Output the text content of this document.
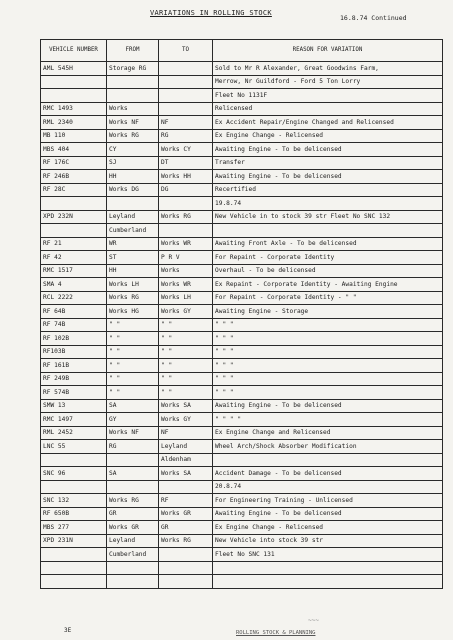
VARIATIONS IN ROLLING STOCK
16.8.74 Continued
VEHICLE NUMBER	FROM	TO	REASON FOR VARIATION
AML 545H	Storage RG		Sold to Mr R Alexander, Great Goodwins Farm,
			Merrow, Nr Guildford - Ford 5 Ton Lorry
			Fleet No 1131F
RMC 1493	Works		Relicensed
RML 2340	Works NF	NF	Ex Accident Repair/Engine Changed and Relicensed
MB 110	Works RG	RG	Ex Engine Change - Relicensed
MBS 404	CY	Works CY	Awaiting Engine - To be delicensed
RF 176C	SJ	DT	Transfer
RF 246B	HH	Works HH	Awaiting Engine - To be delicensed
RF 28C	Works DG	DG	Recertified
			19.8.74
XPD 232N	Leyland	Works RG	New Vehicle in to stock 39 str Fleet No SNC 132
	Cumberland		
RF 21	WR	Works WR	Awaiting Front Axle - To be delicensed
RF 42	ST	P R V	For Repaint - Corporate Identity
RMC 1517	HH	Works	Overhaul - To be delicensed
SMA 4	Works LH	Works WR	Ex Repaint - Corporate Identity - Awaiting Engine
RCL 2222	Works RG	Works LH	For Repaint - Corporate Identity - " "
RF 64B	Works HG	Works GY	Awaiting Engine - Storage
RF 74B	" "	" "	" " "
RF 102B	" "	" "	" " "
RF103B	" "	" "	" " "
RF 161B	" "	" "	" " "
RF 249B	" "	" "	" " "
RF 574B	" "	" "	" " "
SMW 13	SA	Works SA	Awaiting Engine - To be delicensed
RMC 1497	GY	Works GY	" " " "
RML 2452	Works NF	NF	Ex Engine Change and Relicensed
LNC 55	RG	Leyland	Wheel Arch/Shock Absorber Modification
		Aldenham	
SNC 96	SA	Works SA	Accident Damage - To be delicensed
			20.8.74
SNC 132	Works RG	RF	For Engineering Training - Unlicensed
RF 650B	GR	Works GR	Awaiting Engine - To be delicensed
MBS 277	Works GR	GR	Ex Engine Change - Relicensed
XPD 231N	Leyland	Works RG	New Vehicle into stock 39 str
	Cumberland		Fleet No SNC 131

~~~
3E	ROLLING STOCK & PLANNING
